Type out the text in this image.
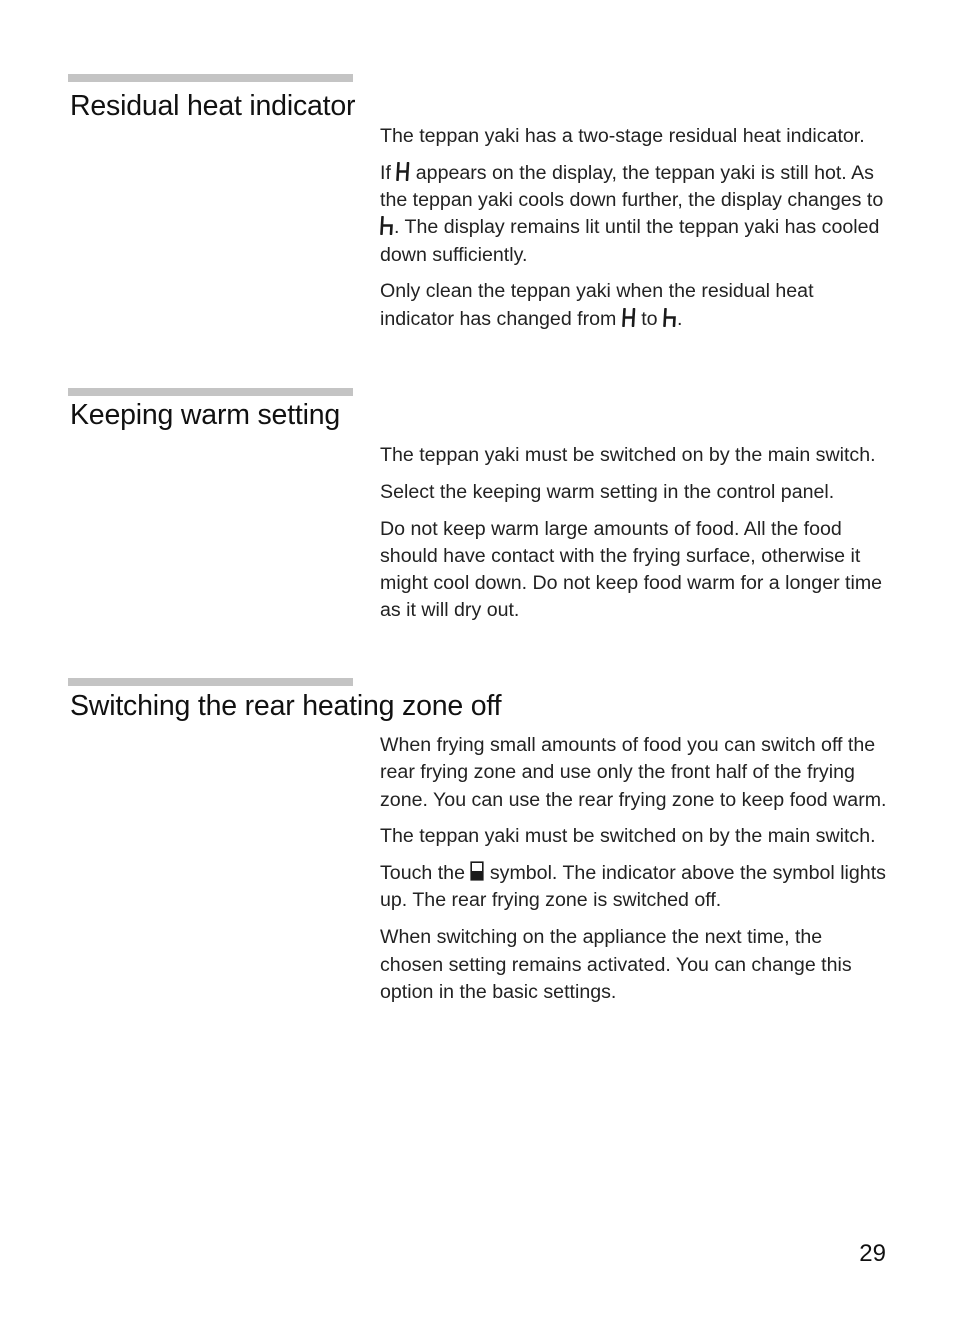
Residual heat indicator

The teppan yaki has a two-stage residual heat indicator.

If
appears on the display, the teppan yaki is still hot. As the teppan yaki cools down further, the display changes to
. The display remains lit until the teppan yaki has cooled down sufficiently.

Only clean the teppan yaki when the residual heat indicator has changed from
to
.

Keeping warm setting

The teppan yaki must be switched on by the main switch.

Select the keeping warm setting in the control panel.

Do not keep warm large amounts of food. All the food should have contact with the frying surface, otherwise it might cool down. Do not keep food warm for a longer time as it will dry out.

Switching the rear heating zone off

When frying small amounts of food you can switch off the rear frying zone and use only the front half of the frying zone. You can use the rear frying zone to keep food warm.

The teppan yaki must be switched on by the main switch.

Touch the
symbol. The indicator above the symbol lights up. The rear frying zone is switched off.

When switching on the appliance the next time, the chosen setting remains activated. You can change this option in the basic settings.

29
